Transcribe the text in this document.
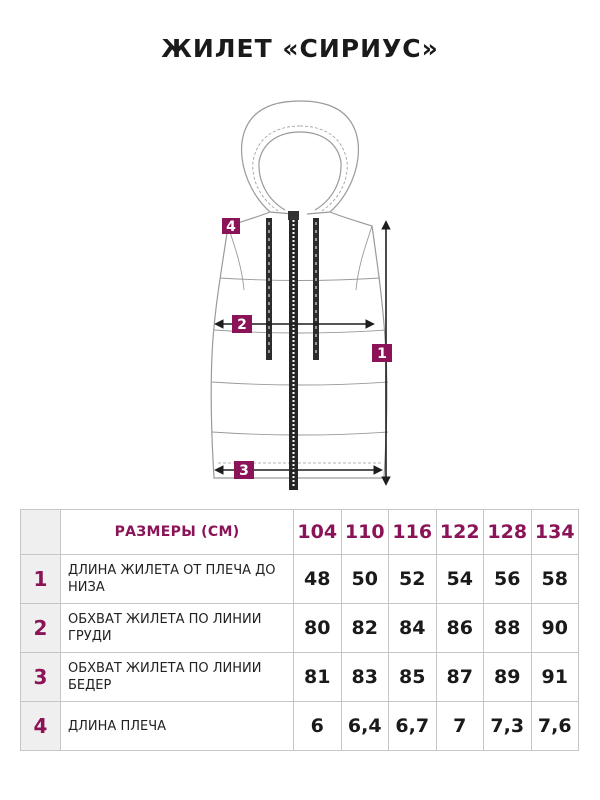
ЖИЛЕТ «СИРИУС»
4
2
1
3
	РАЗМЕРЫ (СМ)	104	110	116	122	128	134
1	ДЛИНА ЖИЛЕТА ОТ ПЛЕЧА ДО НИЗА	48	50	52	54	56	58
2	ОБХВАТ ЖИЛЕТА ПО ЛИНИИ ГРУДИ	80	82	84	86	88	90
3	ОБХВАТ ЖИЛЕТА ПО ЛИНИИ БЕДЕР	81	83	85	87	89	91
4	ДЛИНА ПЛЕЧА	6	6,4	6,7	7	7,3	7,6
